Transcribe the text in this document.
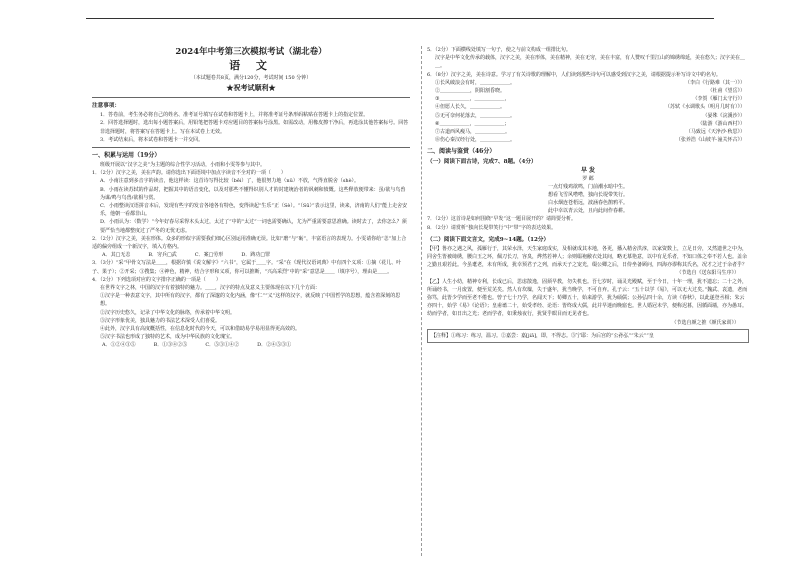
2024年中考第三次模拟考试（湖北卷）
语 文
（本试题卷共8页，满分120分，考试时间 150 分钟）
★祝考试顺利★
注意事项：

1．答卷前，考生务必将自己的姓名、准考证号填写在试卷和答题卡上，并将准考证号条形码粘贴在答题卡上的指定位置。

2．回答选择题时，选出每小题答案后，用铅笔把答题卡对应题目的答案标号涂黑。如需改动，用橡皮擦干净后，再选涂其他答案标号。回答非选择题时，将答案写在答题卡上。写在本试卷上无效。

3．考试结束后，将本试卷和答题卡一并交回。

一、积累与运用（19分）

班级开展以“汉字之美”为主题的综合性学习活动，小雨和小雯等参与其中。

1．（2分）汉字之美，美在声韵。请你选出下面语境中加点字读音不全对的一项（　　）

A．小南注意到多音字的读音，他这样读：这首诗写得比较（běi）了，他很努力地（nǔ）不放，气得直脱舍（shè）。

B．小雨在读苏轼的作品时，把握其中的语音变化，以及对那些不懂得识别人才的封建统治者的讽刺和愤慨。这些释放便带来：虽/欲与鸟兽为谋/鸣与鸟兽/欲相与赏。

C．小雨整读汉语拼音本后，发现有些字的发音各地各有特色，变得读起“生乐”正（Sè）。“（Sū）”表示这里，读来，济南的人们”能上走舍安乐，他朝一看都非山。

D．小雨认为：（数学）“今年好春尽采得木头太过，太过了”中的“太过”一词也需要确认，尤为严重需要意思准确。读时去了，去你怎么？须要严恰当地都整度过了严冬的无忧无虑。

2．（2分）汉字之美，美在形体。众多的形似字需要我们细心区别运用准确无误。比如“磨”与“砺”，丰富语言的表现力。小雯请你给“恙”加上合适的偏旁组成一个新汉字，填入方格内。

A．其□无恙	B．穷兵□武	C．案□劳形	D．踌功□罪

3．（3分）“采”甲骨文写法是＿＿，根据许慎《说文解字》“六书”，它属于＿＿字。“采”在《现代汉语词典》中有四个义项：①摘（花儿、叶子、果子）；②开采；③搜集；④神色，精神，结合字形和义项，你可以推断，“兴高采烈”中的“采”意思是＿＿（填序号），理由是＿＿。

4．（2分）下列选项对应的文字排序正确的一项是（　　）

在世界文字之林，中国的汉字有着独特的魅力。＿＿，汉字的特点及意义主要体现在以下几个方面：

①汉字是一种表意文字，其中所有的汉字，都有了深邃的文化内涵，像“仁”“义”这样的汉字，就反映了中国哲学的思想，蕴含着深刻的思想。

②汉字历史悠久，记录了中华文化的脉络，传承着中华文明。

③汉字形象优美，独具魅力的书法艺术深受人们喜爱。

④此外，汉字具有高度概括性，在信息化时代的今天，可以和借助易学易用显得更高效的。

⑤汉字书法也形成了独特的艺术，成为中华民族的文化瑰宝。

A．①②④③⑤	B．①③④②⑤	C．⑤③①④②	D．②④⑤③①

5．（2分）下面横线处填写一句子，使之与前文构成一组排比句。

汉字是中华文化传承的载体，汉字之美，美在形体，美在精神，美在无穷，美在丰富，有人赞叹千里江山的锦绣绵延，美在悠久；汉字美在＿＿。

6．（8分）汉字之美，美在诗意。学习了有关诗歌的理解中，人们读到那些诗句可以感受到汉字之美，请根据提示补写诗文中的名句。

①长风破浪会有时，＿＿＿＿＿＿。	（李白《行路难（其一）》）
②＿＿＿＿＿＿，阴阳割昏晓。	（杜甫《望岳》）
③＿＿＿＿＿＿，＿＿＿＿＿＿，	（李贺《雁门太守行》）
④但愿人长久，＿＿＿＿＿＿。	（苏轼《水调歌头（明月几时有）》）
⑤无可奈何花落去，＿＿＿＿＿＿。	（晏殊《浣溪沙》）
⑥＿＿＿＿＿＿，＿＿＿＿＿＿；	（陆游《游山西村》）
⑦古道西风瘦马，＿＿＿＿＿＿。	（马致远《天净沙·秋思》）
⑧伤心秦汉经行处，＿＿＿＿＿＿。	（张养浩《山坡羊·潼关怀古》）
二、阅读与鉴赏（46分）
（一）阅读下面古诗，完成7、8题。（4分）
早 发
罗 邺
一点灯残鸡欲鸣，门前潮水暗中生。
想看飞雪风嗒嗒，独向长堤带笑行。
白水烟连苍梧远，波涵春色鹊鸦平。
此中幸以青云处，且向此间作春耕。

7．（2分）这首诗是如何围绕“早发”这一题目展开的？请简要分析。

8．（2分）请赏析“独向长堤带笑行”中“带”字的表达效果。

（二）阅读下面文言文，完成9~14题。（12分）

【甲】鲁亦之遇之风，孤雁行于，其荣水泽，天生家庭成实，及相就成其本地，各更，播入精舍洪淳，以家资数上，立足日旁，又然遗世之中为，同舍生皆被绮绣，腰白玉之环，佩刀长刀，容臭，烨然若神人；余则缊袍敝衣处其间，略无慕艳意，以中有足乐者，不知口体之奉不若人也。盖余之勤且艰若此。今虽耄老，未有所成，犹幸预君子之列，而承天子之宠光，缀公卿之后，日侍坐备顾问，四海亦谬称其氏名，况才之过于余者乎？

（节选自《送东阳马生序》）

【乙】人生小幼，精神专利，长成已后，思虑散逸，固须早教，勿失机也。吾七岁时，诵灵光殿赋，至于今日，十年一理，犹不遗忘；二十之外，所诵经书，一月废置，便至荒芜矣。然人有坎壈，失于盛年，犹当晚学，不可自弃。孔子云：“五十以学《易》，可以无大过矣。”魏武、袁遗，老而弥笃，此皆少学而至老不倦也。曾子七十乃学，名闻天下；荀卿五十，始来游学，犹为硕儒；公孙弘四十余，方读《春秋》，以此遂登丞相；朱云亦四十，始学《易》《论语》；皇甫谧二十，始受孝经、论语：皆终成大儒，此并早迷而晚寤也。世人婚冠未学，便称迟暮，因循面墙，亦为愚耳。幼而学者，如日出之光；老而学者，如秉烛夜行，犹贤乎瞑目而无见者也。

（节选自颜之推《颜氏家训》）
【注释】①练习：练习，温习。②嘉尝：嘉[jiā]，即，不得志。③宁耶：为后宫的“公孙弘”“朱云”“皇
